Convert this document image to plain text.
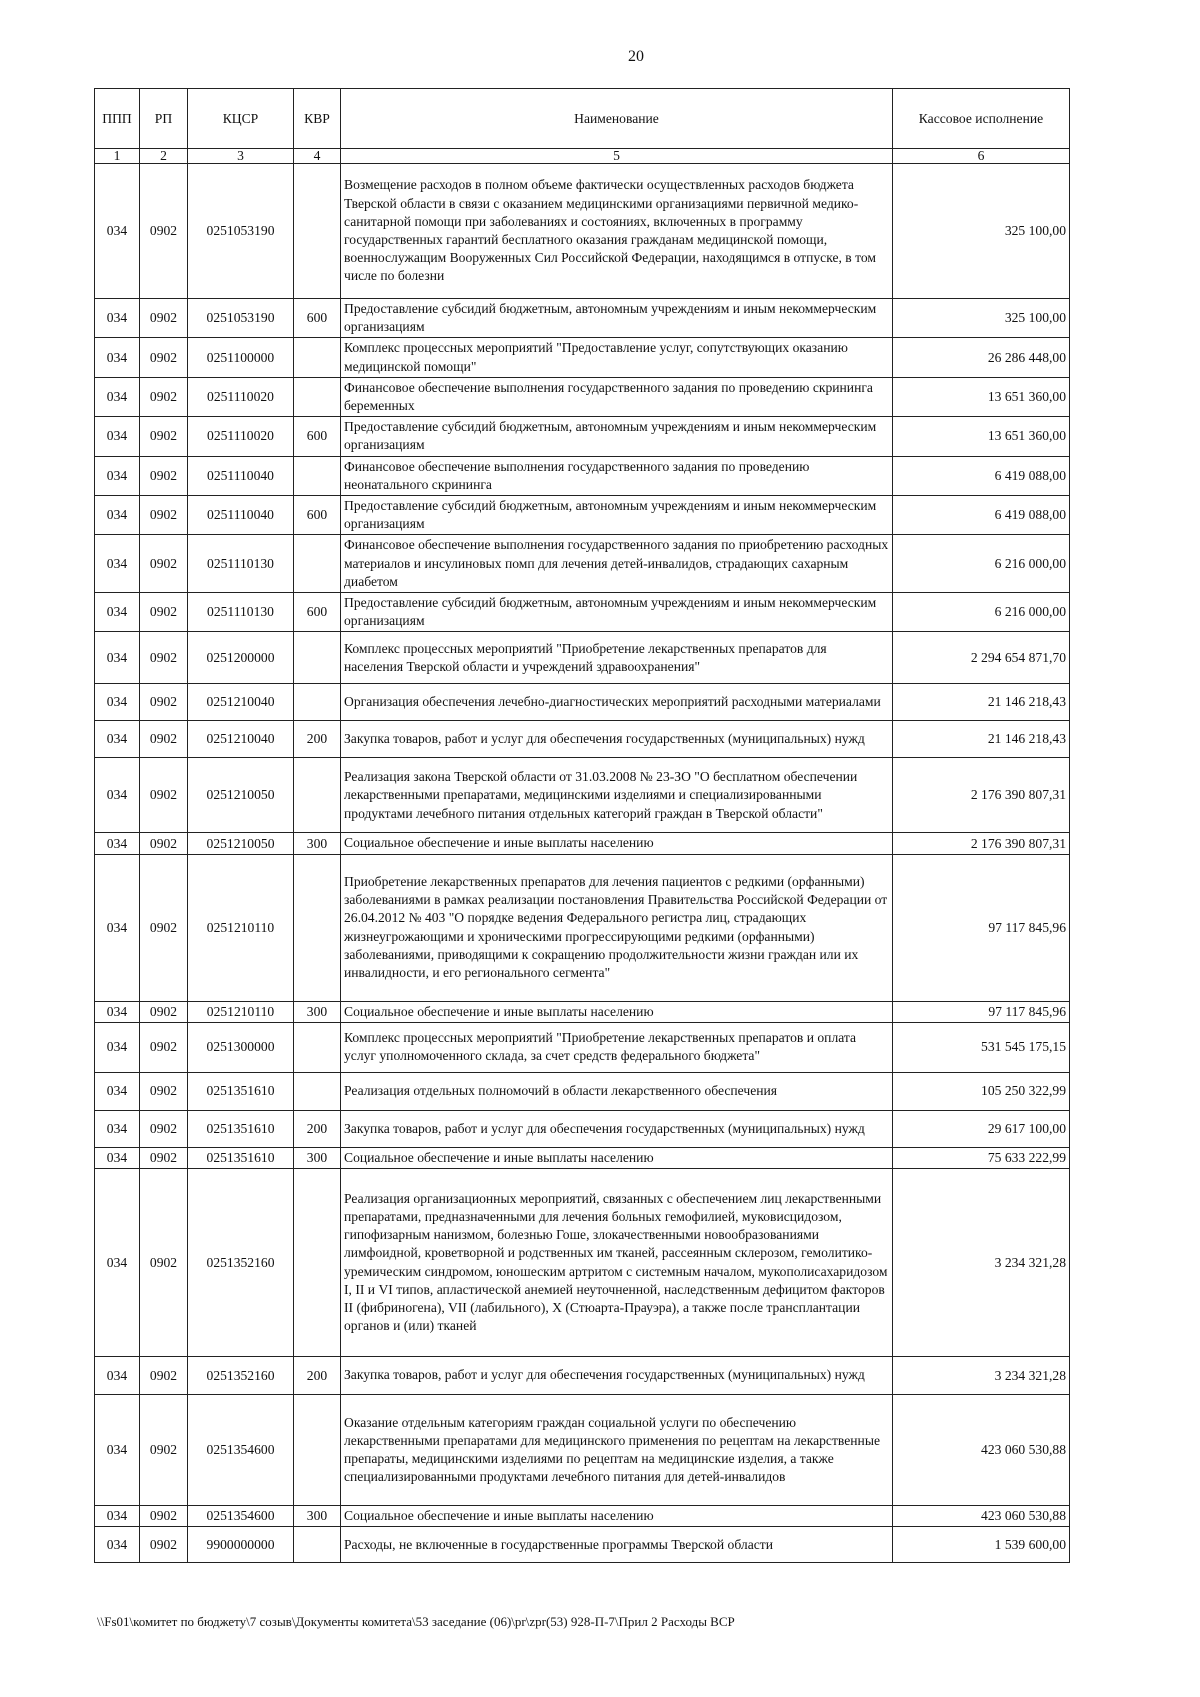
20
ППП	РП	КЦСР	КВР	Наименование	Кассовое исполнение
1	2	3	4	5	6
034	0902	0251053190		Возмещение расходов в полном объеме фактически осуществленных расходов бюджета Тверской области в связи с оказанием медицинскими организациями первичной медико-санитарной помощи при заболеваниях и состояниях, включенных в программу государственных гарантий бесплатного оказания гражданам медицинской помощи, военнослужащим Вооруженных Сил Российской Федерации, находящимся в отпуске, в том числе по болезни	325 100,00
034	0902	0251053190	600	Предоставление субсидий бюджетным, автономным учреждениям и иным некоммерческим организациям	325 100,00
034	0902	0251100000		Комплекс процессных мероприятий "Предоставление услуг, сопутствующих оказанию медицинской помощи"	26 286 448,00
034	0902	0251110020		Финансовое обеспечение выполнения государственного задания по проведению скрининга беременных	13 651 360,00
034	0902	0251110020	600	Предоставление субсидий бюджетным, автономным учреждениям и иным некоммерческим организациям	13 651 360,00
034	0902	0251110040		Финансовое обеспечение выполнения государственного задания по проведению неонатального скрининга	6 419 088,00
034	0902	0251110040	600	Предоставление субсидий бюджетным, автономным учреждениям и иным некоммерческим организациям	6 419 088,00
034	0902	0251110130		Финансовое обеспечение выполнения государственного задания по приобретению расходных материалов и инсулиновых помп для лечения детей-инвалидов, страдающих сахарным диабетом	6 216 000,00
034	0902	0251110130	600	Предоставление субсидий бюджетным, автономным учреждениям и иным некоммерческим организациям	6 216 000,00
034	0902	0251200000		Комплекс процессных мероприятий "Приобретение лекарственных препаратов для населения Тверской области и учреждений здравоохранения"	2 294 654 871,70
034	0902	0251210040		Организация обеспечения лечебно-диагностических мероприятий расходными материалами	21 146 218,43
034	0902	0251210040	200	Закупка товаров, работ и услуг для обеспечения государственных (муниципальных) нужд	21 146 218,43
034	0902	0251210050		Реализация закона Тверской области от 31.03.2008 № 23-ЗО "О бесплатном обеспечении лекарственными препаратами, медицинскими изделиями и специализированными продуктами лечебного питания отдельных категорий граждан в Тверской области"	2 176 390 807,31
034	0902	0251210050	300	Социальное обеспечение и иные выплаты населению	2 176 390 807,31
034	0902	0251210110		Приобретение лекарственных препаратов для лечения пациентов с редкими (орфанными) заболеваниями в рамках реализации постановления Правительства Российской Федерации от 26.04.2012 № 403 "О порядке ведения Федерального регистра лиц, страдающих жизнеугрожающими и хроническими прогрессирующими редкими (орфанными) заболеваниями, приводящими к сокращению продолжительности жизни граждан или их инвалидности, и его регионального сегмента"	97 117 845,96
034	0902	0251210110	300	Социальное обеспечение и иные выплаты населению	97 117 845,96
034	0902	0251300000		Комплекс процессных мероприятий "Приобретение лекарственных препаратов и оплата услуг уполномоченного склада, за счет средств федерального бюджета"	531 545 175,15
034	0902	0251351610		Реализация отдельных полномочий в области лекарственного обеспечения	105 250 322,99
034	0902	0251351610	200	Закупка товаров, работ и услуг для обеспечения государственных (муниципальных) нужд	29 617 100,00
034	0902	0251351610	300	Социальное обеспечение и иные выплаты населению	75 633 222,99
034	0902	0251352160		Реализация организационных мероприятий, связанных с обеспечением лиц лекарственными препаратами, предназначенными для лечения больных гемофилией, муковисцидозом, гипофизарным нанизмом, болезнью Гоше, злокачественными новообразованиями лимфоидной, кроветворной и родственных им тканей, рассеянным склерозом, гемолитико-уремическим синдромом, юношеским артритом с системным началом, мукополисахаридозом I, II и VI типов, апластической анемией неуточненной, наследственным дефицитом факторов II (фибриногена), VII (лабильного), X (Стюарта-Прауэра), а также после трансплантации органов и (или) тканей	3 234 321,28
034	0902	0251352160	200	Закупка товаров, работ и услуг для обеспечения государственных (муниципальных) нужд	3 234 321,28
034	0902	0251354600		Оказание отдельным категориям граждан социальной услуги по обеспечению лекарственными препаратами для медицинского применения по рецептам на лекарственные препараты, медицинскими изделиями по рецептам на медицинские изделия, а также специализированными продуктами лечебного питания для детей-инвалидов	423 060 530,88
034	0902	0251354600	300	Социальное обеспечение и иные выплаты населению	423 060 530,88
034	0902	9900000000		Расходы, не включенные в государственные программы Тверской области	1 539 600,00
\\Fs01\комитет по бюджету\7 созыв\Документы комитета\53 заседание (06)\pr\zpr(53) 928-П-7\Прил 2 Расходы ВСР
